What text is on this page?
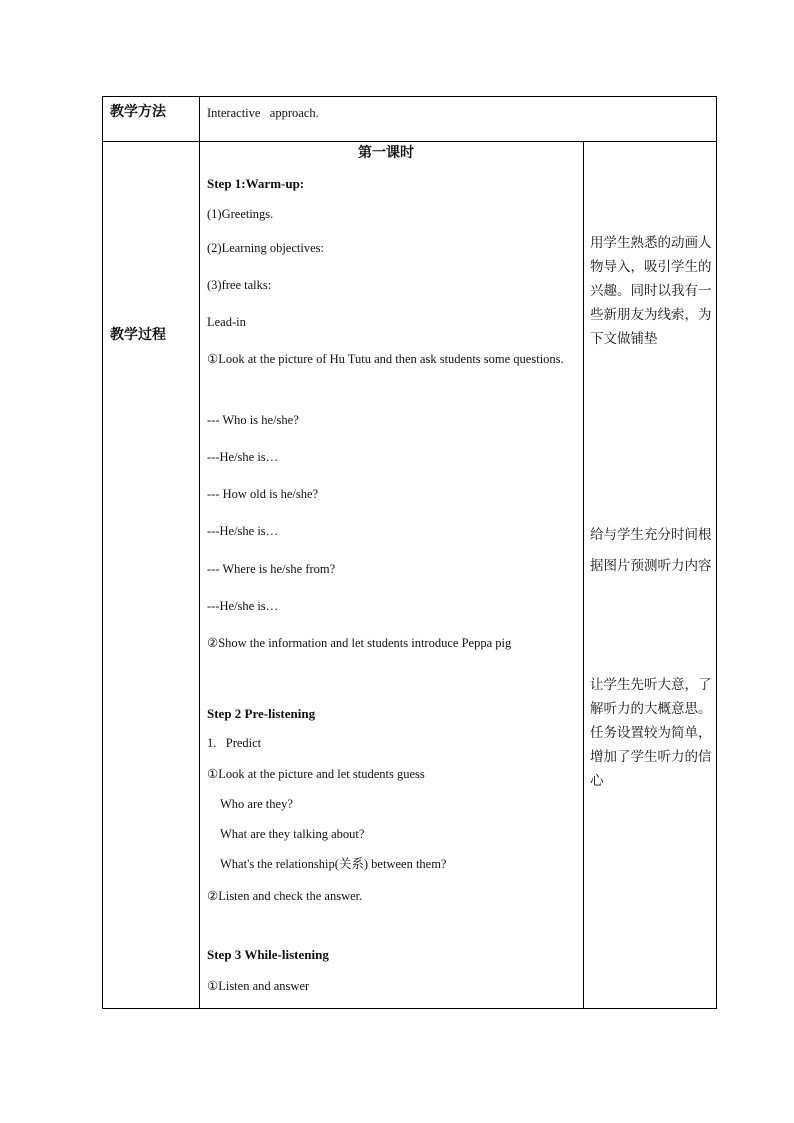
教学方法	Interactive   approach.
教学过程
第一课时
Step 1:Warm-up:
(1)Greetings.
(2)Learning objectives:
(3)free talks:
Lead-in
①Look at the picture of Hu Tutu and then ask students some questions.
--- Who is he/she?
---He/she is…
--- How old is he/she?
---He/she is…
--- Where is he/she from?
---He/she is…
②Show the information and let students introduce Peppa pig
Step 2 Pre-listening
1.   Predict
①Look at the picture and let students guess
Who are they?
What are they talking about?
What's the relationship(关系) between them?
②Listen and check the answer.
Step 3 While-listening
①Listen and answer
用学生熟悉的动画人物导入，吸引学生的兴趣。同时以我有一些新朋友为线索，为下文做铺垫
给与学生充分时间根据图片预测听力内容
让学生先听大意，了解听力的大概意思。任务设置较为简单，增加了学生听力的信心
